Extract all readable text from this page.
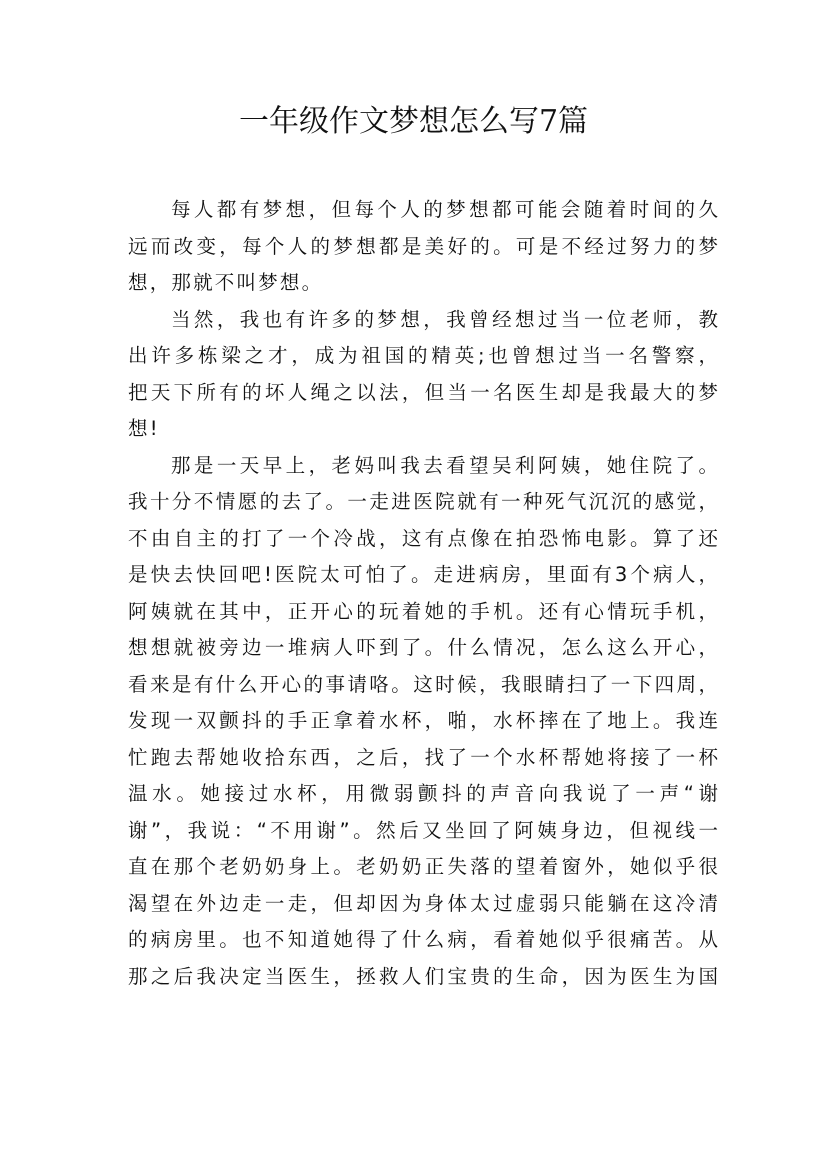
一年级作文梦想怎么写7篇
每人都有梦想，但每个人的梦想都可能会随着时间的久
远而改变，每个人的梦想都是美好的。可是不经过努力的梦
想，那就不叫梦想。
当然，我也有许多的梦想，我曾经想过当一位老师，教
出许多栋梁之才，成为祖国的精英;也曾想过当一名警察，
把天下所有的坏人绳之以法，但当一名医生却是我最大的梦
想!
那是一天早上，老妈叫我去看望吴利阿姨，她住院了。
我十分不情愿的去了。一走进医院就有一种死气沉沉的感觉，
不由自主的打了一个冷战，这有点像在拍恐怖电影。算了还
是快去快回吧!医院太可怕了。走进病房，里面有3个病人，
阿姨就在其中，正开心的玩着她的手机。还有心情玩手机，
想想就被旁边一堆病人吓到了。什么情况，怎么这么开心，
看来是有什么开心的事请咯。这时候，我眼睛扫了一下四周，
发现一双颤抖的手正拿着水杯，啪，水杯摔在了地上。我连
忙跑去帮她收拾东西，之后，找了一个水杯帮她将接了一杯
温水。她接过水杯，用微弱颤抖的声音向我说了一声“谢
谢”，我说：“不用谢”。然后又坐回了阿姨身边，但视线一
直在那个老奶奶身上。老奶奶正失落的望着窗外，她似乎很
渴望在外边走一走，但却因为身体太过虚弱只能躺在这冷清
的病房里。也不知道她得了什么病，看着她似乎很痛苦。从
那之后我决定当医生，拯救人们宝贵的生命，因为医生为国
